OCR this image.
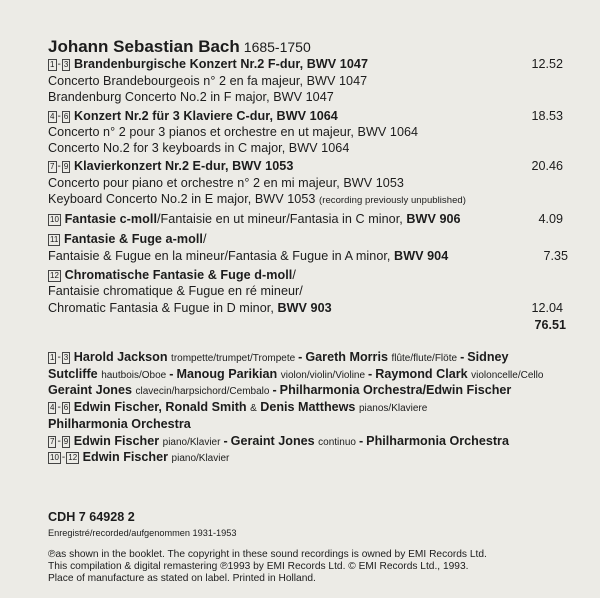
Johann Sebastian Bach 1685-1750
1 - 3 Brandenburgische Konzert Nr.2 F-dur, BWV 1047	12.52
Concerto Brandebourgeois n° 2 en fa majeur, BWV 1047
Brandenburg Concerto No.2 in F major, BWV 1047
4 - 6 Konzert Nr.2 für 3 Klaviere C-dur, BWV 1064	18.53
Concerto n° 2 pour 3 pianos et orchestre en ut majeur, BWV 1064
Concerto No.2 for 3 keyboards in C major, BWV 1064
7 - 9 Klavierkonzert Nr.2 E-dur, BWV 1053	20.46
Concerto pour piano et orchestre n° 2 en mi majeur, BWV 1053
Keyboard Concerto No.2 in E major, BWV 1053 (recording previously unpublished)
10 Fantasie c-moll/Fantaisie en ut mineur/Fantasia in C minor, BWV 906	4.09
11 Fantasie & Fuge a-moll/
Fantaisie & Fugue en la mineur/Fantasia & Fugue in A minor, BWV 904	7.35
12 Chromatische Fantasie & Fuge d-moll/
Fantaisie chromatique & Fugue en ré mineur/
Chromatic Fantasia & Fugue in D minor, BWV 903	12.04
76.51
1 - 3 Harold Jackson trompette/trumpet/Trompete - Gareth Morris flûte/flute/Flöte - Sidney
Sutcliffe hautbois/Oboe - Manoug Parikian violon/violin/Violine - Raymond Clark violoncelle/Cello
Geraint Jones clavecin/harpsichord/Cembalo - Philharmonia Orchestra/Edwin Fischer
4 - 6 Edwin Fischer, Ronald Smith & Denis Matthews pianos/Klaviere
Philharmonia Orchestra
7 - 9 Edwin Fischer piano/Klavier - Geraint Jones continuo - Philharmonia Orchestra
10 - 12 Edwin Fischer piano/Klavier
CDH 7 64928 2
Enregistré/recorded/aufgenommen 1931-1953
℗as shown in the booklet. The copyright in these sound recordings is owned by EMI Records Ltd.
This compilation & digital remastering ℗1993 by EMI Records Ltd. © EMI Records Ltd., 1993.
Place of manufacture as stated on label. Printed in Holland.
